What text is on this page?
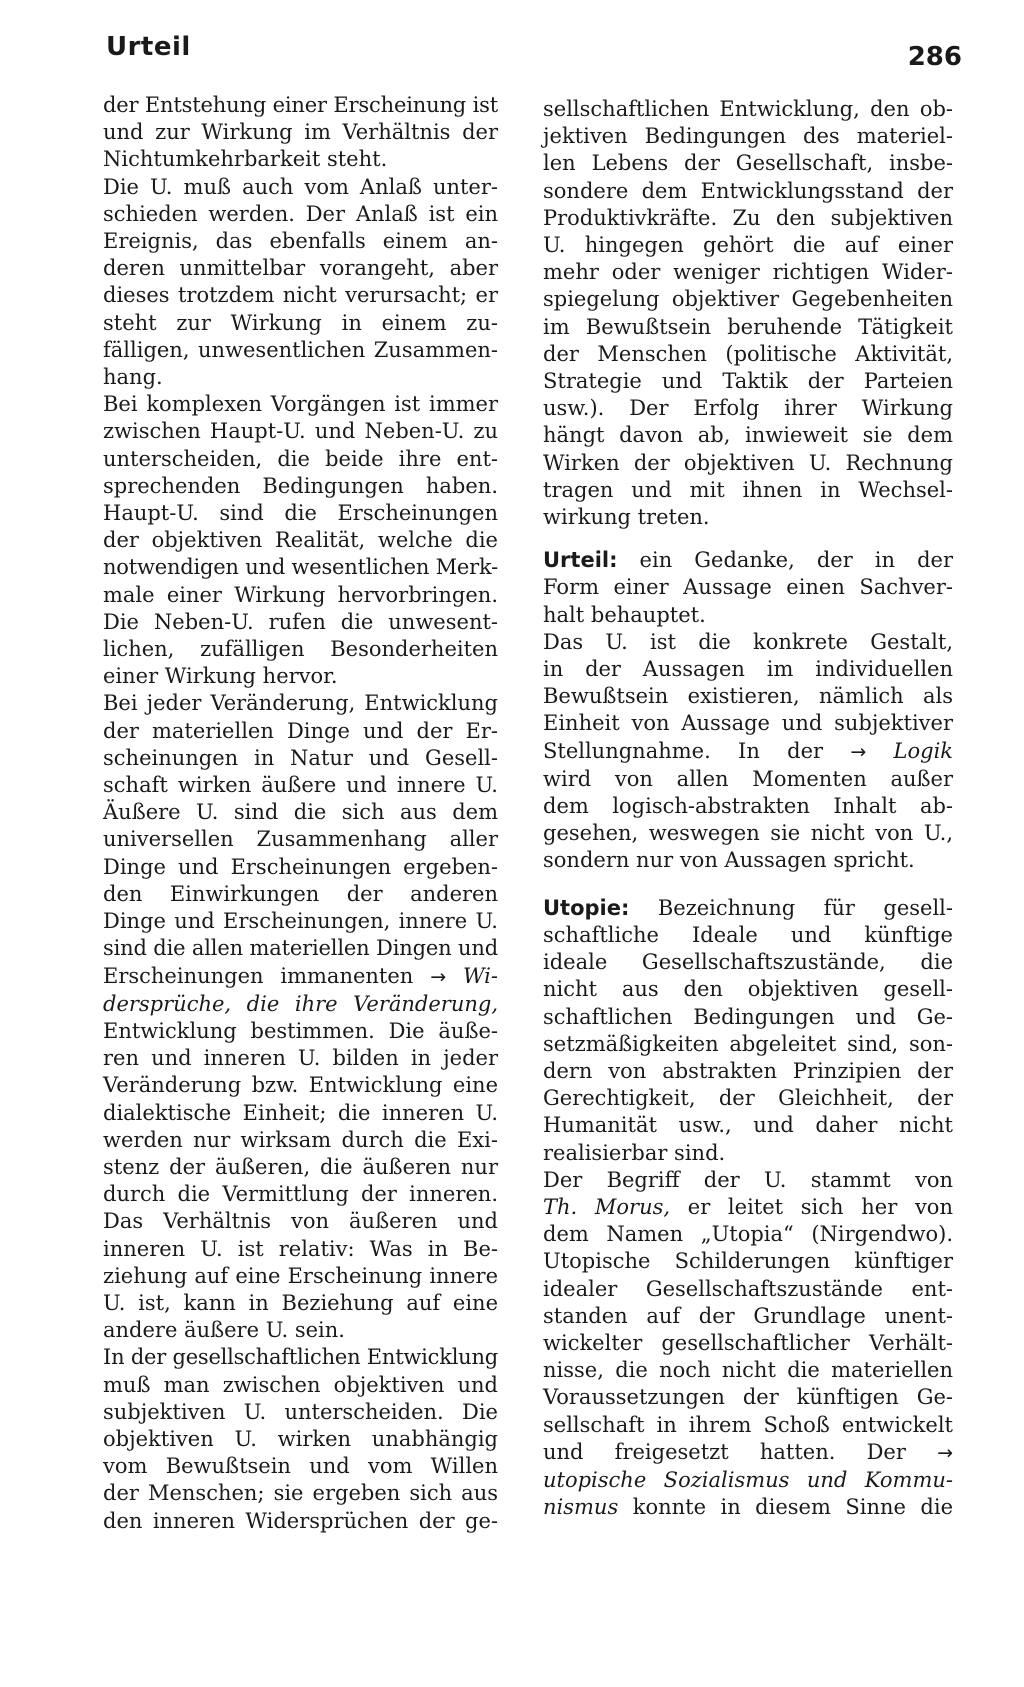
Urteil	286
der Entstehung einer Erscheinung ist
und zur Wirkung im Verhältnis der
Nichtumkehrbarkeit steht.
Die U. muß auch vom Anlaß unter-
schieden werden. Der Anlaß ist ein
Ereignis, das ebenfalls einem an-
deren unmittelbar vorangeht, aber
dieses trotzdem nicht verursacht; er
steht zur Wirkung in einem zu-
fälligen, unwesentlichen Zusammen-
hang.
Bei komplexen Vorgängen ist immer
zwischen Haupt-U. und Neben-U. zu
unterscheiden, die beide ihre ent-
sprechenden Bedingungen haben.
Haupt-U. sind die Erscheinungen
der objektiven Realität, welche die
notwendigen und wesentlichen Merk-
male einer Wirkung hervorbringen.
Die Neben-U. rufen die unwesent-
lichen, zufälligen Besonderheiten
einer Wirkung hervor.
Bei jeder Veränderung, Entwicklung
der materiellen Dinge und der Er-
scheinungen in Natur und Gesell-
schaft wirken äußere und innere U.
Äußere U. sind die sich aus dem
universellen Zusammenhang aller
Dinge und Erscheinungen ergeben-
den Einwirkungen der anderen
Dinge und Erscheinungen, innere U.
sind die allen materiellen Dingen und
Erscheinungen immanenten → Wi-
dersprüche, die ihre Veränderung,
Entwicklung bestimmen. Die äuße-
ren und inneren U. bilden in jeder
Veränderung bzw. Entwicklung eine
dialektische Einheit; die inneren U.
werden nur wirksam durch die Exi-
stenz der äußeren, die äußeren nur
durch die Vermittlung der inneren.
Das Verhältnis von äußeren und
inneren U. ist relativ: Was in Be-
ziehung auf eine Erscheinung innere
U. ist, kann in Beziehung auf eine
andere äußere U. sein.
In der gesellschaftlichen Entwicklung
muß man zwischen objektiven und
subjektiven U. unterscheiden. Die
objektiven U. wirken unabhängig
vom Bewußtsein und vom Willen
der Menschen; sie ergeben sich aus
den inneren Widersprüchen der ge-
sellschaftlichen Entwicklung, den ob-
jektiven Bedingungen des materiel-
len Lebens der Gesellschaft, insbe-
sondere dem Entwicklungsstand der
Produktivkräfte. Zu den subjektiven
U. hingegen gehört die auf einer
mehr oder weniger richtigen Wider-
spiegelung objektiver Gegebenheiten
im Bewußtsein beruhende Tätigkeit
der Menschen (politische Aktivität,
Strategie und Taktik der Parteien
usw.). Der Erfolg ihrer Wirkung
hängt davon ab, inwieweit sie dem
Wirken der objektiven U. Rechnung
tragen und mit ihnen in Wechsel-
wirkung treten.
Urteil: ein Gedanke, der in der
Form einer Aussage einen Sachver-
halt behauptet.
Das U. ist die konkrete Gestalt,
in der Aussagen im individuellen
Bewußtsein existieren, nämlich als
Einheit von Aussage und subjektiver
Stellungnahme. In der → Logik
wird von allen Momenten außer
dem logisch-abstrakten Inhalt ab-
gesehen, weswegen sie nicht von U.,
sondern nur von Aussagen spricht.
Utopie: Bezeichnung für gesell-
schaftliche Ideale und künftige
ideale Gesellschaftszustände, die
nicht aus den objektiven gesell-
schaftlichen Bedingungen und Ge-
setzmäßigkeiten abgeleitet sind, son-
dern von abstrakten Prinzipien der
Gerechtigkeit, der Gleichheit, der
Humanität usw., und daher nicht
realisierbar sind.
Der Begriff der U. stammt von
Th. Morus, er leitet sich her von
dem Namen „Utopia“ (Nirgendwo).
Utopische Schilderungen künftiger
idealer Gesellschaftszustände ent-
standen auf der Grundlage unent-
wickelter gesellschaftlicher Verhält-
nisse, die noch nicht die materiellen
Voraussetzungen der künftigen Ge-
sellschaft in ihrem Schoß entwickelt
und freigesetzt hatten. Der →
utopische Sozialismus und Kommu-
nismus konnte in diesem Sinne die
